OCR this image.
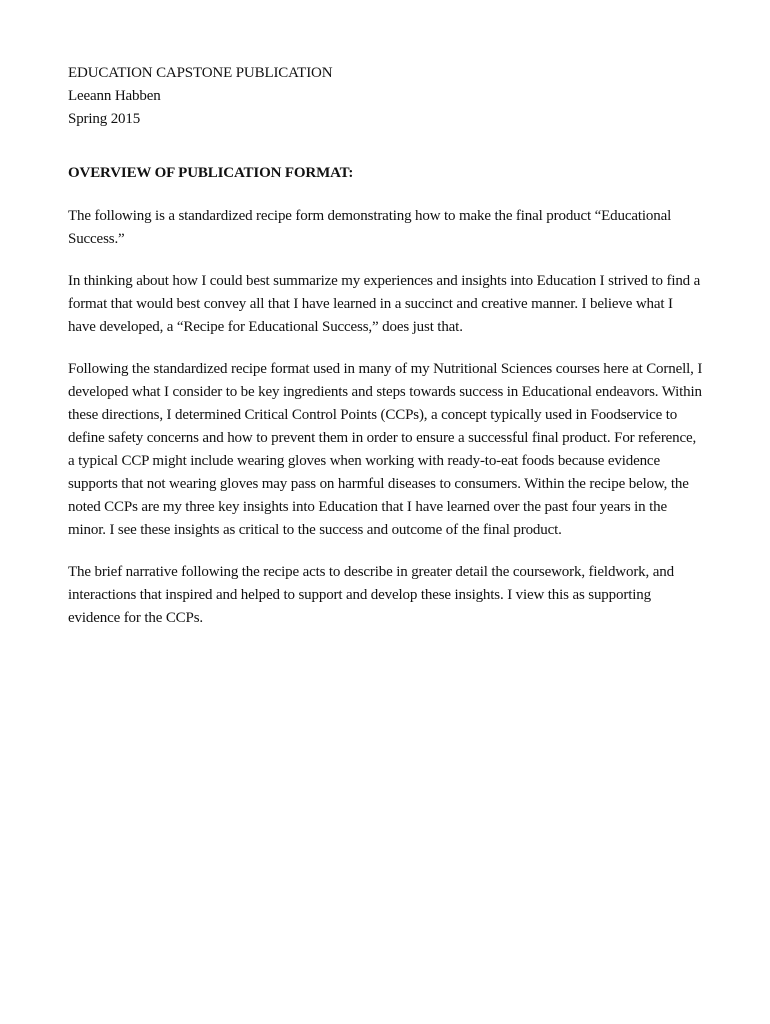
EDUCATION CAPSTONE PUBLICATION
Leeann Habben
Spring 2015
OVERVIEW OF PUBLICATION FORMAT:

The following is a standardized recipe form demonstrating how to make the final product “Educational Success.”

In thinking about how I could best summarize my experiences and insights into Education I strived to find a format that would best convey all that I have learned in a succinct and creative manner. I believe what I have developed, a “Recipe for Educational Success,” does just that.

Following the standardized recipe format used in many of my Nutritional Sciences courses here at Cornell, I developed what I consider to be key ingredients and steps towards success in Educational endeavors. Within these directions, I determined Critical Control Points (CCPs), a concept typically used in Foodservice to define safety concerns and how to prevent them in order to ensure a successful final product. For reference, a typical CCP might include wearing gloves when working with ready-to-eat foods because evidence supports that not wearing gloves may pass on harmful diseases to consumers. Within the recipe below, the noted CCPs are my three key insights into Education that I have learned over the past four years in the minor. I see these insights as critical to the success and outcome of the final product.

The brief narrative following the recipe acts to describe in greater detail the coursework, fieldwork, and interactions that inspired and helped to support and develop these insights. I view this as supporting evidence for the CCPs.
